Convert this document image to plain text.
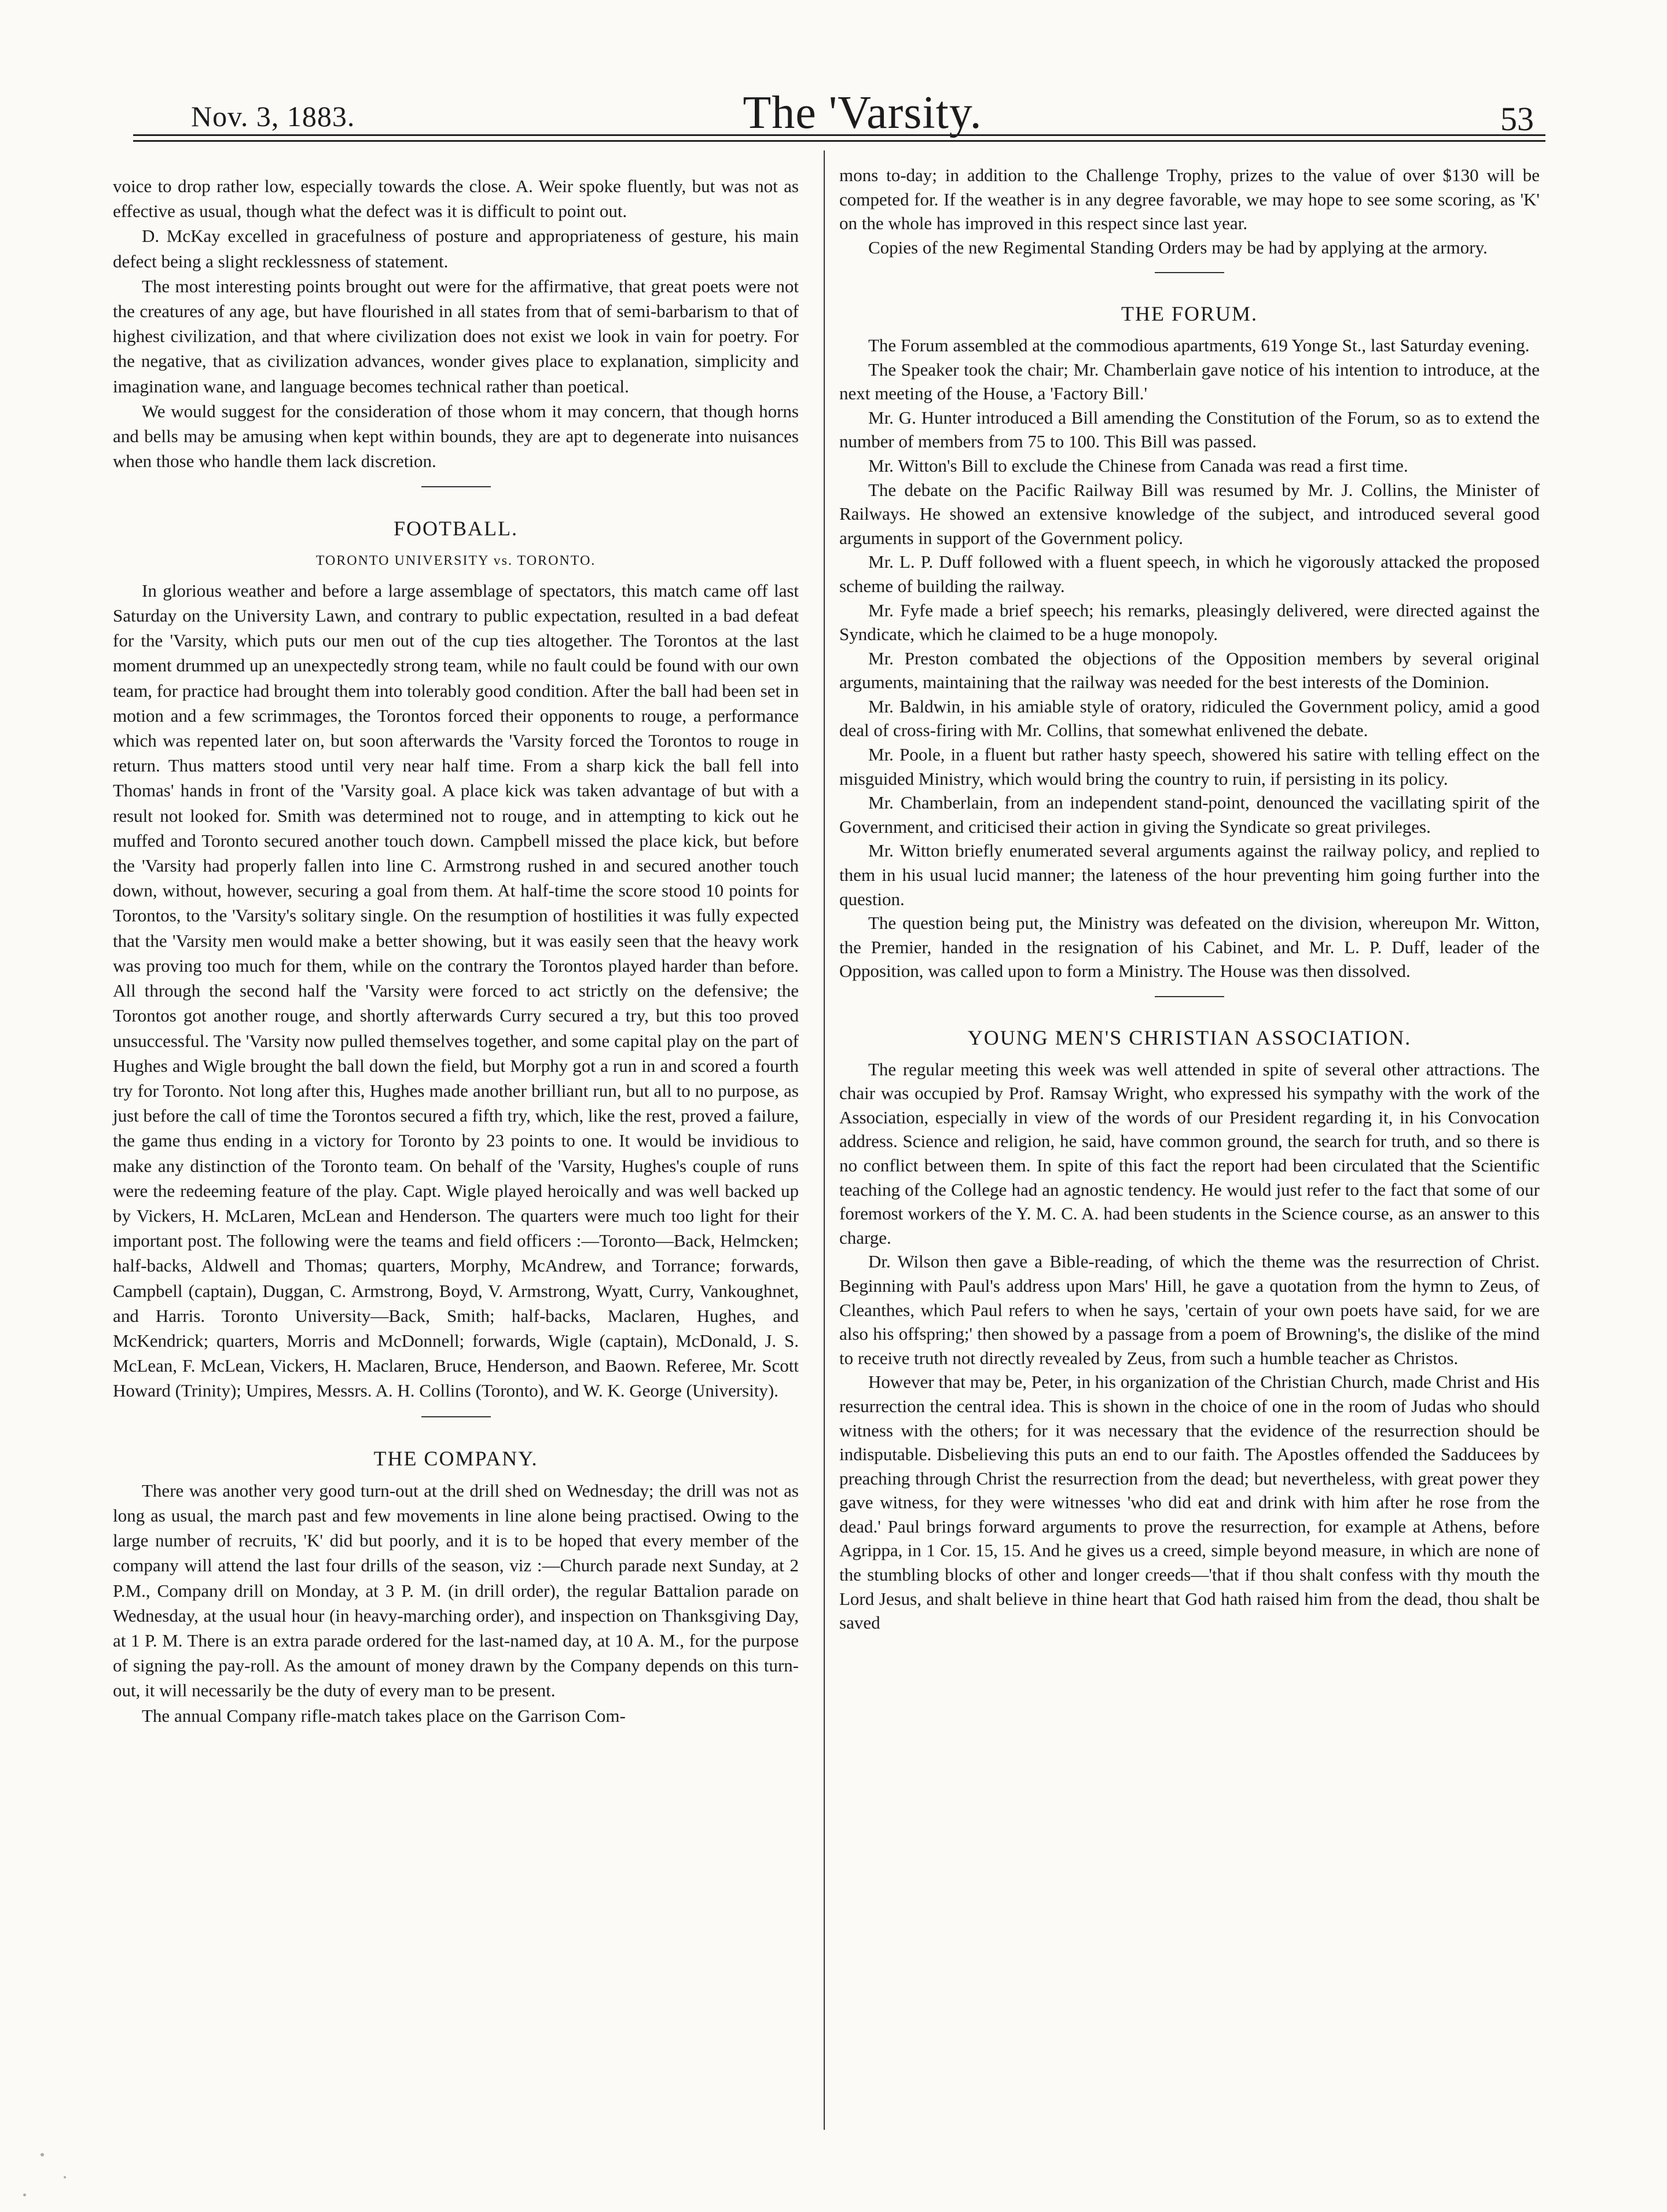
Nov. 3, 1883.	The 'Varsity.	53

voice to drop rather low, especially towards the close. A. Weir spoke fluently, but was not as effective as usual, though what the defect was it is difficult to point out.

D. McKay excelled in gracefulness of posture and appropriateness of gesture, his main defect being a slight recklessness of statement.

The most interesting points brought out were for the affirmative, that great poets were not the creatures of any age, but have flourished in all states from that of semi-barbarism to that of highest civilization, and that where civilization does not exist we look in vain for poetry. For the negative, that as civilization advances, wonder gives place to explanation, simplicity and imagination wane, and language becomes technical rather than poetical.

We would suggest for the consideration of those whom it may concern, that though horns and bells may be amusing when kept within bounds, they are apt to degenerate into nuisances when those who handle them lack discretion.

FOOTBALL.
TORONTO UNIVERSITY vs. TORONTO.

In glorious weather and before a large assemblage of spectators, this match came off last Saturday on the University Lawn, and contrary to public expectation, resulted in a bad defeat for the 'Varsity, which puts our men out of the cup ties altogether. The Torontos at the last moment drummed up an unexpectedly strong team, while no fault could be found with our own team, for practice had brought them into tolerably good condition. After the ball had been set in motion and a few scrimmages, the Torontos forced their opponents to rouge, a performance which was repented later on, but soon afterwards the 'Varsity forced the Torontos to rouge in return. Thus matters stood until very near half time. From a sharp kick the ball fell into Thomas' hands in front of the 'Varsity goal. A place kick was taken advantage of but with a result not looked for. Smith was determined not to rouge, and in attempting to kick out he muffed and Toronto secured another touch down. Campbell missed the place kick, but before the 'Varsity had properly fallen into line C. Armstrong rushed in and secured another touch down, without, however, securing a goal from them. At half-time the score stood 10 points for Torontos, to the 'Varsity's solitary single. On the resumption of hostilities it was fully expected that the 'Varsity men would make a better showing, but it was easily seen that the heavy work was proving too much for them, while on the contrary the Torontos played harder than before. All through the second half the 'Varsity were forced to act strictly on the defensive; the Torontos got another rouge, and shortly afterwards Curry secured a try, but this too proved unsuccessful. The 'Varsity now pulled themselves together, and some capital play on the part of Hughes and Wigle brought the ball down the field, but Morphy got a run in and scored a fourth try for Toronto. Not long after this, Hughes made another brilliant run, but all to no purpose, as just before the call of time the Torontos secured a fifth try, which, like the rest, proved a failure, the game thus ending in a victory for Toronto by 23 points to one. It would be invidious to make any distinction of the Toronto team. On behalf of the 'Varsity, Hughes's couple of runs were the redeeming feature of the play. Capt. Wigle played heroically and was well backed up by Vickers, H. McLaren, McLean and Henderson. The quarters were much too light for their important post. The following were the teams and field officers :—Toronto—Back, Helmcken; half-backs, Aldwell and Thomas; quarters, Morphy, McAndrew, and Torrance; forwards, Campbell (captain), Duggan, C. Armstrong, Boyd, V. Armstrong, Wyatt, Curry, Vankoughnet, and Harris. Toronto University—Back, Smith; half-backs, Maclaren, Hughes, and McKendrick; quarters, Morris and McDonnell; forwards, Wigle (captain), McDonald, J. S. McLean, F. McLean, Vickers, H. Maclaren, Bruce, Henderson, and Baown. Referee, Mr. Scott Howard (Trinity); Umpires, Messrs. A. H. Collins (Toronto), and W. K. George (University).

THE COMPANY.

There was another very good turn-out at the drill shed on Wednesday; the drill was not as long as usual, the march past and few movements in line alone being practised. Owing to the large number of recruits, 'K' did but poorly, and it is to be hoped that every member of the company will attend the last four drills of the season, viz :—Church parade next Sunday, at 2 P.M., Company drill on Monday, at 3 P. M. (in drill order), the regular Battalion parade on Wednesday, at the usual hour (in heavy-marching order), and inspection on Thanksgiving Day, at 1 P. M. There is an extra parade ordered for the last-named day, at 10 A. M., for the purpose of signing the pay-roll. As the amount of money drawn by the Company depends on this turn-out, it will necessarily be the duty of every man to be present.

The annual Company rifle-match takes place on the Garrison Com-

mons to-day; in addition to the Challenge Trophy, prizes to the value of over $130 will be competed for. If the weather is in any degree favorable, we may hope to see some scoring, as 'K' on the whole has improved in this respect since last year.

Copies of the new Regimental Standing Orders may be had by applying at the armory.

THE FORUM.

The Forum assembled at the commodious apartments, 619 Yonge St., last Saturday evening.

The Speaker took the chair; Mr. Chamberlain gave notice of his intention to introduce, at the next meeting of the House, a 'Factory Bill.'

Mr. G. Hunter introduced a Bill amending the Constitution of the Forum, so as to extend the number of members from 75 to 100. This Bill was passed.

Mr. Witton's Bill to exclude the Chinese from Canada was read a first time.

The debate on the Pacific Railway Bill was resumed by Mr. J. Collins, the Minister of Railways. He showed an extensive knowledge of the subject, and introduced several good arguments in support of the Government policy.

Mr. L. P. Duff followed with a fluent speech, in which he vigorously attacked the proposed scheme of building the railway.

Mr. Fyfe made a brief speech; his remarks, pleasingly delivered, were directed against the Syndicate, which he claimed to be a huge monopoly.

Mr. Preston combated the objections of the Opposition members by several original arguments, maintaining that the railway was needed for the best interests of the Dominion.

Mr. Baldwin, in his amiable style of oratory, ridiculed the Government policy, amid a good deal of cross-firing with Mr. Collins, that somewhat enlivened the debate.

Mr. Poole, in a fluent but rather hasty speech, showered his satire with telling effect on the misguided Ministry, which would bring the country to ruin, if persisting in its policy.

Mr. Chamberlain, from an independent stand-point, denounced the vacillating spirit of the Government, and criticised their action in giving the Syndicate so great privileges.

Mr. Witton briefly enumerated several arguments against the railway policy, and replied to them in his usual lucid manner; the lateness of the hour preventing him going further into the question.

The question being put, the Ministry was defeated on the division, whereupon Mr. Witton, the Premier, handed in the resignation of his Cabinet, and Mr. L. P. Duff, leader of the Opposition, was called upon to form a Ministry. The House was then dissolved.

YOUNG MEN'S CHRISTIAN ASSOCIATION.

The regular meeting this week was well attended in spite of several other attractions. The chair was occupied by Prof. Ramsay Wright, who expressed his sympathy with the work of the Association, especially in view of the words of our President regarding it, in his Convocation address. Science and religion, he said, have common ground, the search for truth, and so there is no conflict between them. In spite of this fact the report had been circulated that the Scientific teaching of the College had an agnostic tendency. He would just refer to the fact that some of our foremost workers of the Y. M. C. A. had been students in the Science course, as an answer to this charge.

Dr. Wilson then gave a Bible-reading, of which the theme was the resurrection of Christ. Beginning with Paul's address upon Mars' Hill, he gave a quotation from the hymn to Zeus, of Cleanthes, which Paul refers to when he says, 'certain of your own poets have said, for we are also his offspring;' then showed by a passage from a poem of Browning's, the dislike of the mind to receive truth not directly revealed by Zeus, from such a humble teacher as Christos.

However that may be, Peter, in his organization of the Christian Church, made Christ and His resurrection the central idea. This is shown in the choice of one in the room of Judas who should witness with the others; for it was necessary that the evidence of the resurrection should be indisputable. Disbelieving this puts an end to our faith. The Apostles offended the Sadducees by preaching through Christ the resurrection from the dead; but nevertheless, with great power they gave witness, for they were witnesses 'who did eat and drink with him after he rose from the dead.' Paul brings forward arguments to prove the resurrection, for example at Athens, before Agrippa, in 1 Cor. 15, 15. And he gives us a creed, simple beyond measure, in which are none of the stumbling blocks of other and longer creeds—'that if thou shalt confess with thy mouth the Lord Jesus, and shalt believe in thine heart that God hath raised him from the dead, thou shalt be saved
